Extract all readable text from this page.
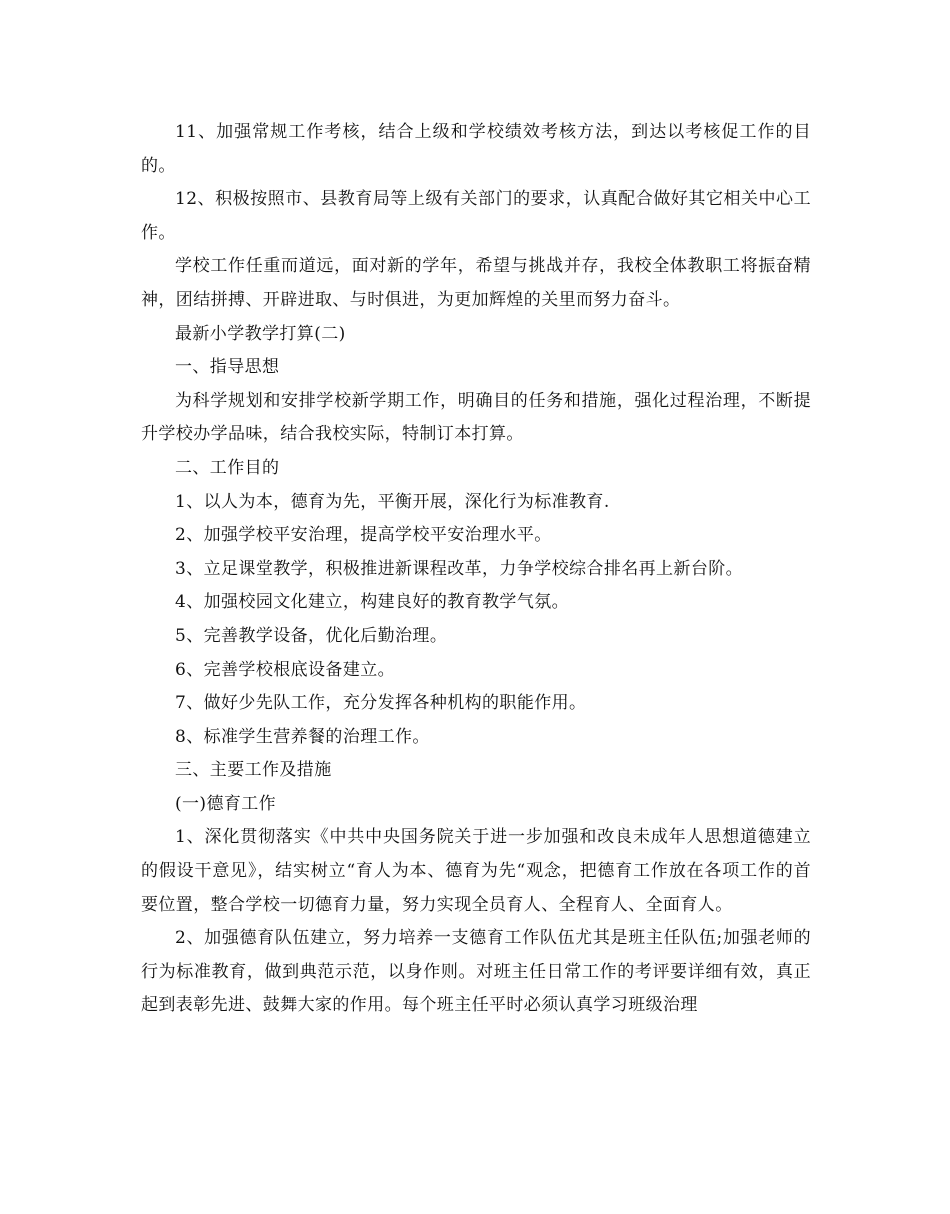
11、加强常规工作考核，结合上级和学校绩效考核方法，到达以考核促工作的目的。

12、积极按照市、县教育局等上级有关部门的要求，认真配合做好其它相关中心工作。

学校工作任重而道远，面对新的学年，希望与挑战并存，我校全体教职工将振奋精神，团结拼搏、开辟进取、与时俱进，为更加辉煌的关里而努力奋斗。

最新小学教学打算(二)

一、指导思想

为科学规划和安排学校新学期工作，明确目的任务和措施，强化过程治理，不断提升学校办学品味，结合我校实际，特制订本打算。

二、工作目的

1、以人为本，德育为先，平衡开展，深化行为标准教育.

2、加强学校平安治理，提高学校平安治理水平。

3、立足课堂教学，积极推进新课程改革，力争学校综合排名再上新台阶。

4、加强校园文化建立，构建良好的教育教学气氛。

5、完善教学设备，优化后勤治理。

6、完善学校根底设备建立。

7、做好少先队工作，充分发挥各种机构的职能作用。

8、标准学生营养餐的治理工作。

三、主要工作及措施

(一)德育工作

1、深化贯彻落实《中共中央国务院关于进一步加强和改良未成年人思想道德建立的假设干意见》，结实树立“育人为本、德育为先“观念，把德育工作放在各项工作的首要位置，整合学校一切德育力量，努力实现全员育人、全程育人、全面育人。

2、加强德育队伍建立，努力培养一支德育工作队伍尤其是班主任队伍;加强老师的行为标准教育，做到典范示范，以身作则。对班主任日常工作的考评要详细有效，真正起到表彰先进、鼓舞大家的作用。每个班主任平时必须认真学习班级治理
